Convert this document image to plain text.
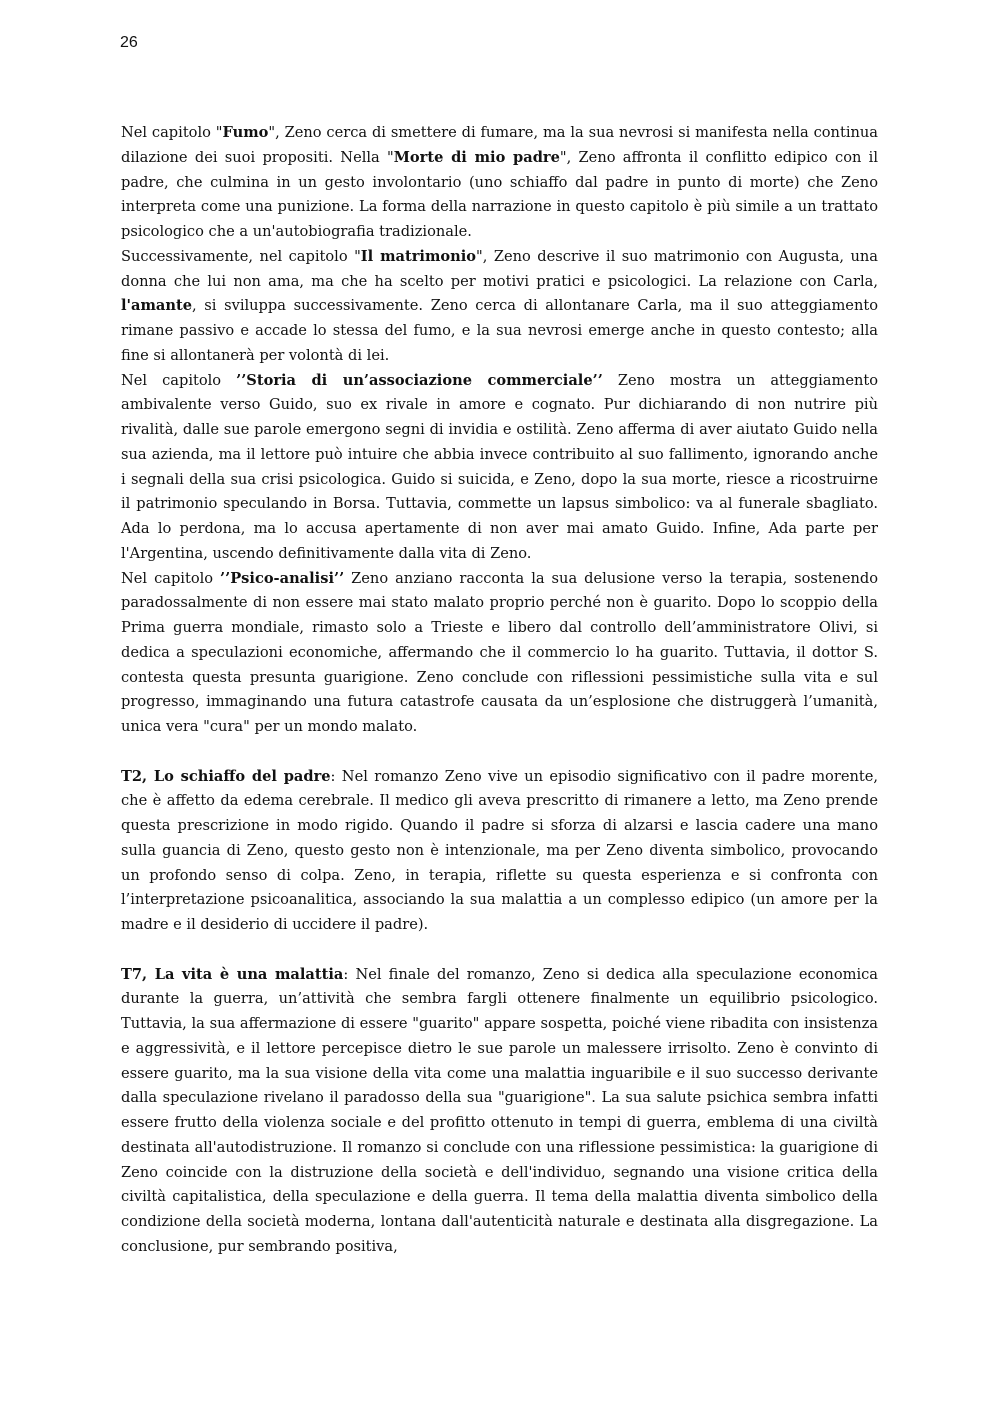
26

Nel capitolo "Fumo", Zeno cerca di smettere di fumare, ma la sua nevrosi si manifesta nella continua dilazione dei suoi propositi. Nella "Morte di mio padre", Zeno affronta il conflitto edipico con il padre, che culmina in un gesto involontario (uno schiaffo dal padre in punto di morte) che Zeno interpreta come una punizione. La forma della narrazione in questo capitolo è più simile a un trattato psicologico che a un'autobiografia tradizionale.

Successivamente, nel capitolo "Il matrimonio", Zeno descrive il suo matrimonio con Augusta, una donna che lui non ama, ma che ha scelto per motivi pratici e psicologici. La relazione con Carla, l'amante, si sviluppa successivamente. Zeno cerca di allontanare Carla, ma il suo atteggiamento rimane passivo e accade lo stessa del fumo, e la sua nevrosi emerge anche in questo contesto; alla fine si allontanerà per volontà di lei.

Nel capitolo ’’Storia di un’associazione commerciale’’ Zeno mostra un atteggiamento ambivalente verso Guido, suo ex rivale in amore e cognato. Pur dichiarando di non nutrire più rivalità, dalle sue parole emergono segni di invidia e ostilità. Zeno afferma di aver aiutato Guido nella sua azienda, ma il lettore può intuire che abbia invece contribuito al suo fallimento, ignorando anche i segnali della sua crisi psicologica. Guido si suicida, e Zeno, dopo la sua morte, riesce a ricostruirne il patrimonio speculando in Borsa. Tuttavia, commette un lapsus simbolico: va al funerale sbagliato. Ada lo perdona, ma lo accusa apertamente di non aver mai amato Guido. Infine, Ada parte per l'Argentina, uscendo definitivamente dalla vita di Zeno.

Nel capitolo ’’Psico-analisi’’ Zeno anziano racconta la sua delusione verso la terapia, sostenendo paradossalmente di non essere mai stato malato proprio perché non è guarito. Dopo lo scoppio della Prima guerra mondiale, rimasto solo a Trieste e libero dal controllo dell’amministratore Olivi, si dedica a speculazioni economiche, affermando che il commercio lo ha guarito. Tuttavia, il dottor S. contesta questa presunta guarigione. Zeno conclude con riflessioni pessimistiche sulla vita e sul progresso, immaginando una futura catastrofe causata da un’esplosione che distruggerà l’umanità, unica vera "cura" per un mondo malato.

T2, Lo schiaffo del padre: Nel romanzo Zeno vive un episodio significativo con il padre morente, che è affetto da edema cerebrale. Il medico gli aveva prescritto di rimanere a letto, ma Zeno prende questa prescrizione in modo rigido. Quando il padre si sforza di alzarsi e lascia cadere una mano sulla guancia di Zeno, questo gesto non è intenzionale, ma per Zeno diventa simbolico, provocando un profondo senso di colpa. Zeno, in terapia, riflette su questa esperienza e si confronta con l’interpretazione psicoanalitica, associando la sua malattia a un complesso edipico (un amore per la madre e il desiderio di uccidere il padre).

T7, La vita è una malattia: Nel finale del romanzo, Zeno si dedica alla speculazione economica durante la guerra, un’attività che sembra fargli ottenere finalmente un equilibrio psicologico. Tuttavia, la sua affermazione di essere "guarito" appare sospetta, poiché viene ribadita con insistenza e aggressività, e il lettore percepisce dietro le sue parole un malessere irrisolto. Zeno è convinto di essere guarito, ma la sua visione della vita come una malattia inguaribile e il suo successo derivante dalla speculazione rivelano il paradosso della sua "guarigione". La sua salute psichica sembra infatti essere frutto della violenza sociale e del profitto ottenuto in tempi di guerra, emblema di una civiltà destinata all'autodistruzione. Il romanzo si conclude con una riflessione pessimistica: la guarigione di Zeno coincide con la distruzione della società e dell'individuo, segnando una visione critica della civiltà capitalistica, della speculazione e della guerra. Il tema della malattia diventa simbolico della condizione della società moderna, lontana dall'autenticità naturale e destinata alla disgregazione. La conclusione, pur sembrando positiva,
